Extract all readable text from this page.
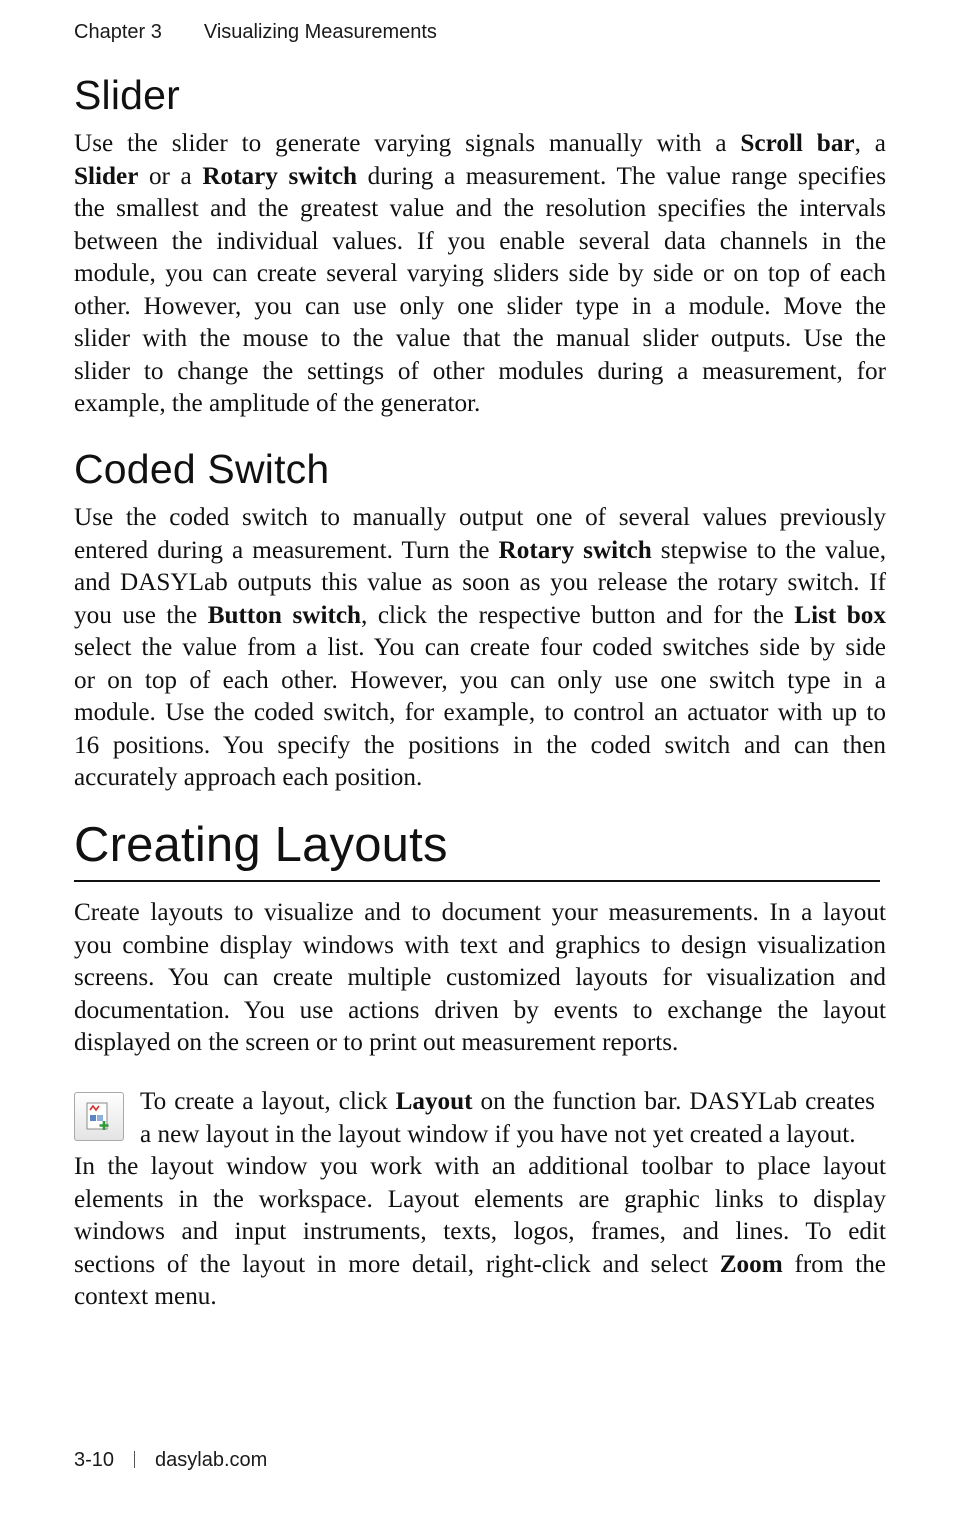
Chapter 3 Visualizing Measurements
Slider
Use the slider to generate varying signals manually with a Scroll bar, a
Slider or a Rotary switch during a measurement. The value range specifies
the smallest and the greatest value and the resolution specifies the intervals
between the individual values. If you enable several data channels in the
module, you can create several varying sliders side by side or on top of each
other. However, you can use only one slider type in a module. Move the
slider with the mouse to the value that the manual slider outputs. Use the
slider to change the settings of other modules during a measurement, for
example, the amplitude of the generator.
Coded Switch
Use the coded switch to manually output one of several values previously
entered during a measurement. Turn the Rotary switch stepwise to the value,
and DASYLab outputs this value as soon as you release the rotary switch. If
you use the Button switch, click the respective button and for the List box
select the value from a list. You can create four coded switches side by side
or on top of each other. However, you can only use one switch type in a
module. Use the coded switch, for example, to control an actuator with up to
16 positions. You specify the positions in the coded switch and can then
accurately approach each position.
Creating Layouts
Create layouts to visualize and to document your measurements. In a layout
you combine display windows with text and graphics to design visualization
screens. You can create multiple customized layouts for visualization and
documentation. You use actions driven by events to exchange the layout
displayed on the screen or to print out measurement reports.
To create a layout, click Layout on the function bar. DASYLab creates
a new layout in the layout window if you have not yet created a layout.
In the layout window you work with an additional toolbar to place layout
elements in the workspace. Layout elements are graphic links to display
windows and input instruments, texts, logos, frames, and lines. To edit
sections of the layout in more detail, right-click and select Zoom from the
context menu.
3-10 dasylab.com
